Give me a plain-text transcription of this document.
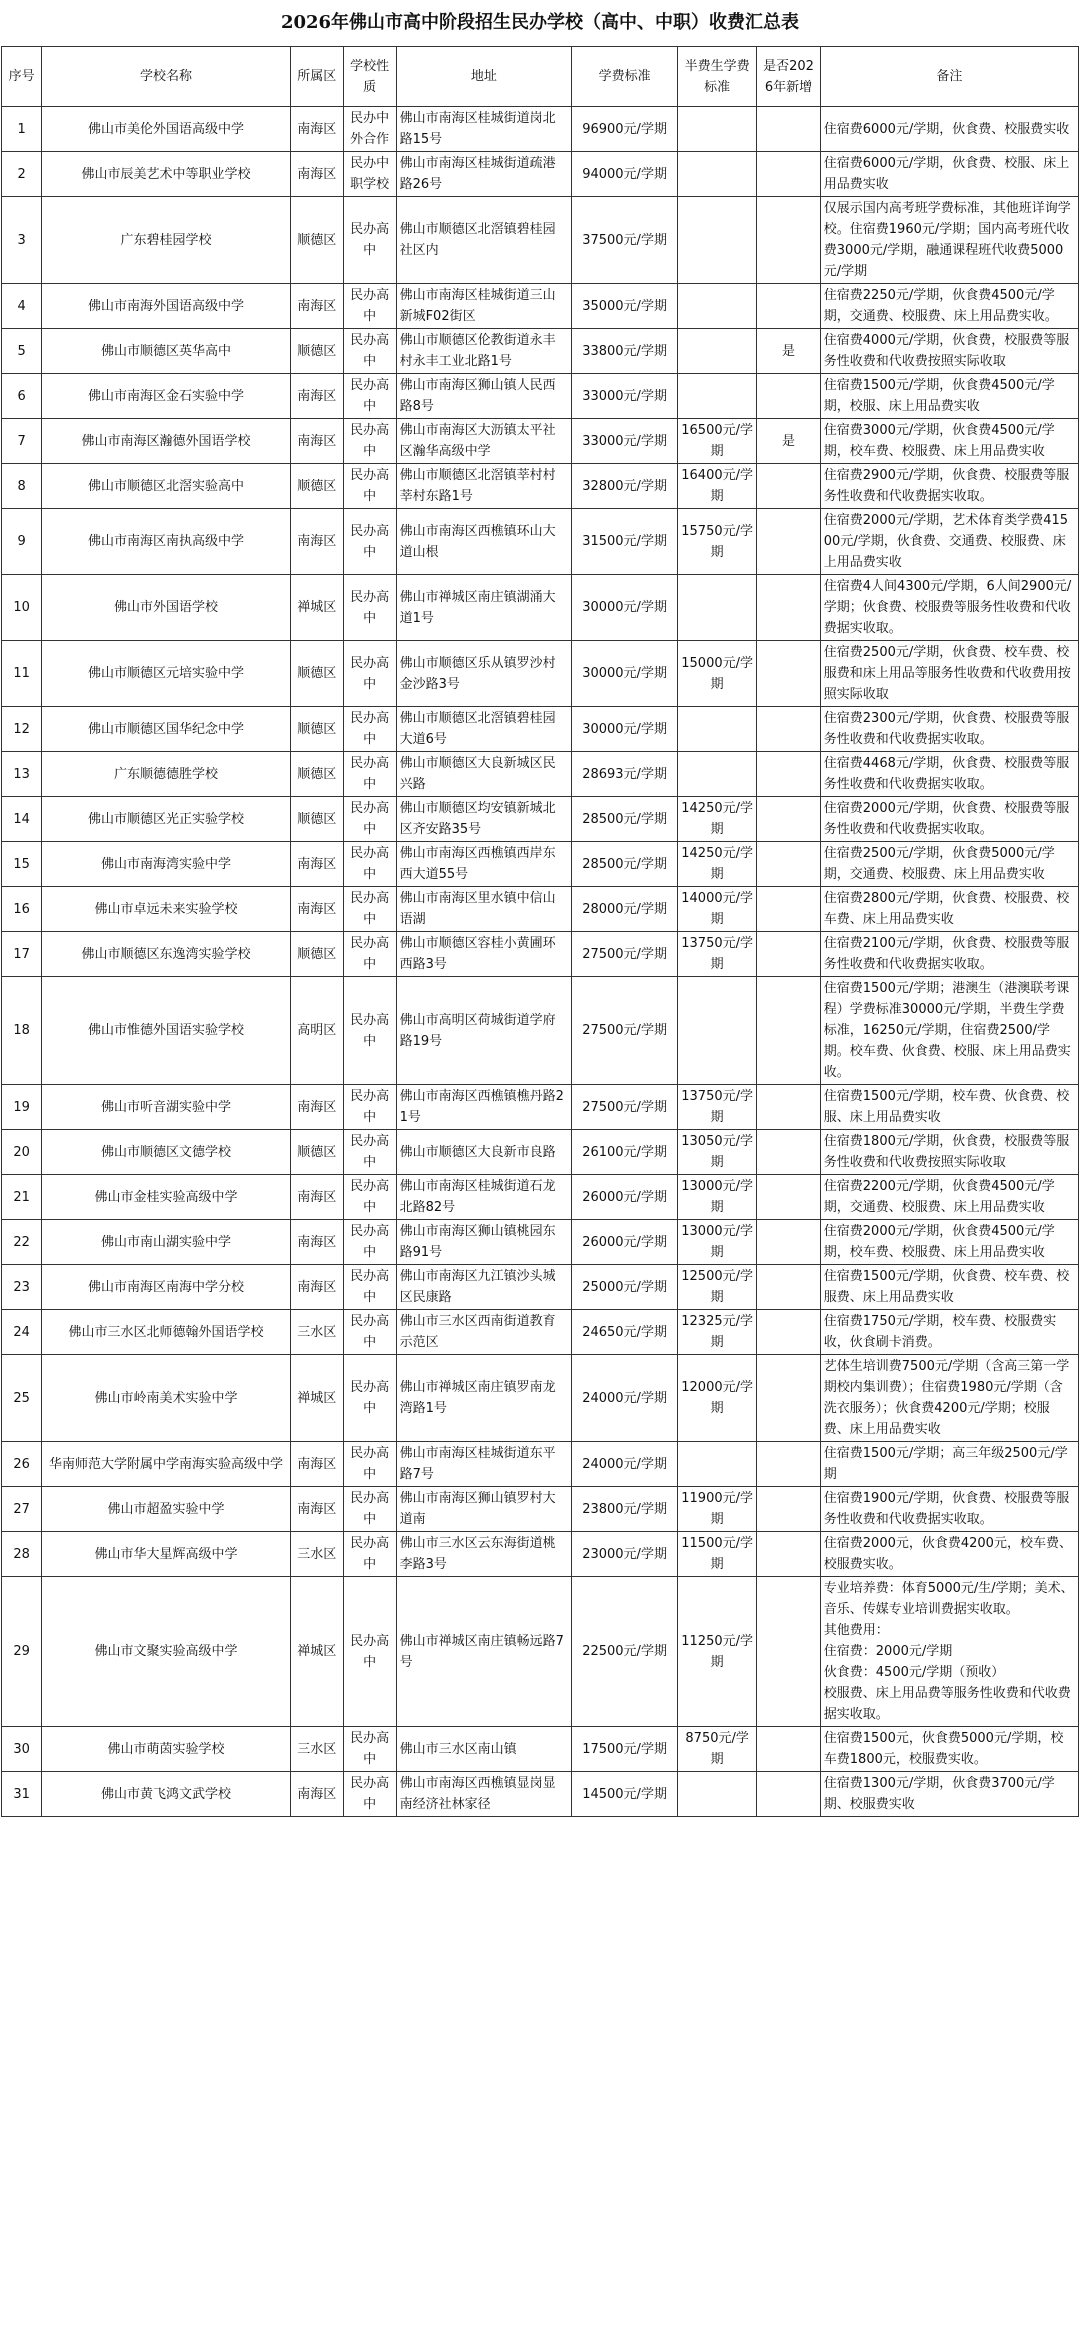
2026年佛山市高中阶段招生民办学校（高中、中职）收费汇总表
序号	学校名称	所属区	学校性质	地址	学费标准	半费生学费标准	是否2026年新增	备注
1	佛山市美伦外国语高级中学	南海区	民办中外合作	佛山市南海区桂城街道岗北路15号	96900元/学期			住宿费6000元/学期，伙食费、校服费实收
2	佛山市辰美艺术中等职业学校	南海区	民办中职学校	佛山市南海区桂城街道疏港路26号	94000元/学期			住宿费6000元/学期，伙食费、校服、床上用品费实收
3	广东碧桂园学校	顺德区	民办高中	佛山市顺德区北滘镇碧桂园社区内	37500元/学期			仅展示国内高考班学费标准，其他班详询学校。住宿费1960元/学期；国内高考班代收费3000元/学期，融通课程班代收费5000元/学期
4	佛山市南海外国语高级中学	南海区	民办高中	佛山市南海区桂城街道三山新城F02街区	35000元/学期			住宿费2250元/学期，伙食费4500元/学期，交通费、校服费、床上用品费实收。
5	佛山市顺德区英华高中	顺德区	民办高中	佛山市顺德区伦教街道永丰村永丰工业北路1号	33800元/学期		是	住宿费4000元/学期，伙食费，校服费等服务性收费和代收费按照实际收取
6	佛山市南海区金石实验中学	南海区	民办高中	佛山市南海区狮山镇人民西路8号	33000元/学期			住宿费1500元/学期，伙食费4500元/学期，校服、床上用品费实收
7	佛山市南海区瀚德外国语学校	南海区	民办高中	佛山市南海区大沥镇太平社区瀚华高级中学	33000元/学期	16500元/学期	是	住宿费3000元/学期，伙食费4500元/学期，校车费、校服费、床上用品费实收
8	佛山市顺德区北滘实验高中	顺德区	民办高中	佛山市顺德区北滘镇莘村村莘村东路1号	32800元/学期	16400元/学期		住宿费2900元/学期，伙食费、校服费等服务性收费和代收费据实收取。
9	佛山市南海区南执高级中学	南海区	民办高中	佛山市南海区西樵镇环山大道山根	31500元/学期	15750元/学期		住宿费2000元/学期，艺术体育类学费41500元/学期，伙食费、交通费、校服费、床上用品费实收
10	佛山市外国语学校	禅城区	民办高中	佛山市禅城区南庄镇湖涌大道1号	30000元/学期			住宿费4人间4300元/学期，6人间2900元/学期；伙食费、校服费等服务性收费和代收费据实收取。
11	佛山市顺德区元培实验中学	顺德区	民办高中	佛山市顺德区乐从镇罗沙村金沙路3号	30000元/学期	15000元/学期		住宿费2500元/学期，伙食费、校车费、校服费和床上用品等服务性收费和代收费用按照实际收取
12	佛山市顺德区国华纪念中学	顺德区	民办高中	佛山市顺德区北滘镇碧桂园大道6号	30000元/学期			住宿费2300元/学期，伙食费、校服费等服务性收费和代收费据实收取。
13	广东顺德德胜学校	顺德区	民办高中	佛山市顺德区大良新城区民兴路	28693元/学期			住宿费4468元/学期，伙食费、校服费等服务性收费和代收费据实收取。
14	佛山市顺德区光正实验学校	顺德区	民办高中	佛山市顺德区均安镇新城北区齐安路35号	28500元/学期	14250元/学期		住宿费2000元/学期，伙食费、校服费等服务性收费和代收费据实收取。
15	佛山市南海湾实验中学	南海区	民办高中	佛山市南海区西樵镇西岸东西大道55号	28500元/学期	14250元/学期		住宿费2500元/学期，伙食费5000元/学期，交通费、校服费、床上用品费实收
16	佛山市卓远未来实验学校	南海区	民办高中	佛山市南海区里水镇中信山语湖	28000元/学期	14000元/学期		住宿费2800元/学期，伙食费、校服费、校车费、床上用品费实收
17	佛山市顺德区东逸湾实验学校	顺德区	民办高中	佛山市顺德区容桂小黄圃环西路3号	27500元/学期	13750元/学期		住宿费2100元/学期，伙食费、校服费等服务性收费和代收费据实收取。
18	佛山市惟德外国语实验学校	高明区	民办高中	佛山市高明区荷城街道学府路19号	27500元/学期			住宿费1500元/学期；港澳生（港澳联考课程）学费标准30000元/学期，半费生学费标准，16250元/学期，住宿费2500/学期。校车费、伙食费、校服、床上用品费实收。
19	佛山市听音湖实验中学	南海区	民办高中	佛山市南海区西樵镇樵丹路21号	27500元/学期	13750元/学期		住宿费1500元/学期，校车费、伙食费、校服、床上用品费实收
20	佛山市顺德区文德学校	顺德区	民办高中	佛山市顺德区大良新市良路	26100元/学期	13050元/学期		住宿费1800元/学期，伙食费，校服费等服务性收费和代收费按照实际收取
21	佛山市金桂实验高级中学	南海区	民办高中	佛山市南海区桂城街道石龙北路82号	26000元/学期	13000元/学期		住宿费2200元/学期，伙食费4500元/学期，交通费、校服费、床上用品费实收
22	佛山市南山湖实验中学	南海区	民办高中	佛山市南海区狮山镇桃园东路91号	26000元/学期	13000元/学期		住宿费2000元/学期，伙食费4500元/学期，校车费、校服费、床上用品费实收
23	佛山市南海区南海中学分校	南海区	民办高中	佛山市南海区九江镇沙头城区民康路	25000元/学期	12500元/学期		住宿费1500元/学期，伙食费、校车费、校服费、床上用品费实收
24	佛山市三水区北师德翰外国语学校	三水区	民办高中	佛山市三水区西南街道教育示范区	24650元/学期	12325元/学期		住宿费1750元/学期，校车费、校服费实收，伙食刷卡消费。
25	佛山市岭南美术实验中学	禅城区	民办高中	佛山市禅城区南庄镇罗南龙湾路1号	24000元/学期	12000元/学期		艺体生培训费7500元/学期（含高三第一学期校内集训费）；住宿费1980元/学期（含洗衣服务）；伙食费4200元/学期；校服费、床上用品费实收
26	华南师范大学附属中学南海实验高级中学	南海区	民办高中	佛山市南海区桂城街道东平路7号	24000元/学期			住宿费1500元/学期；高三年级2500元/学期
27	佛山市超盈实验中学	南海区	民办高中	佛山市南海区狮山镇罗村大道南	23800元/学期	11900元/学期		住宿费1900元/学期，伙食费、校服费等服务性收费和代收费据实收取。
28	佛山市华大星辉高级中学	三水区	民办高中	佛山市三水区云东海街道桃李路3号	23000元/学期	11500元/学期		住宿费2000元，伙食费4200元，校车费、校服费实收。
29	佛山市文聚实验高级中学	禅城区	民办高中	佛山市禅城区南庄镇畅远路7号	22500元/学期	11250元/学期		专业培养费：体育5000元/生/学期；美术、音乐、传媒专业培训费据实收取。
其他费用：
住宿费：2000元/学期
伙食费：4500元/学期（预收）
校服费、床上用品费等服务性收费和代收费据实收取。
30	佛山市萌茵实验学校	三水区	民办高中	佛山市三水区南山镇	17500元/学期	8750元/学期		住宿费1500元，伙食费5000元/学期，校车费1800元，校服费实收。
31	佛山市黄飞鸿文武学校	南海区	民办高中	佛山市南海区西樵镇显岗显南经济社林家径	14500元/学期			住宿费1300元/学期，伙食费3700元/学期、校服费实收
